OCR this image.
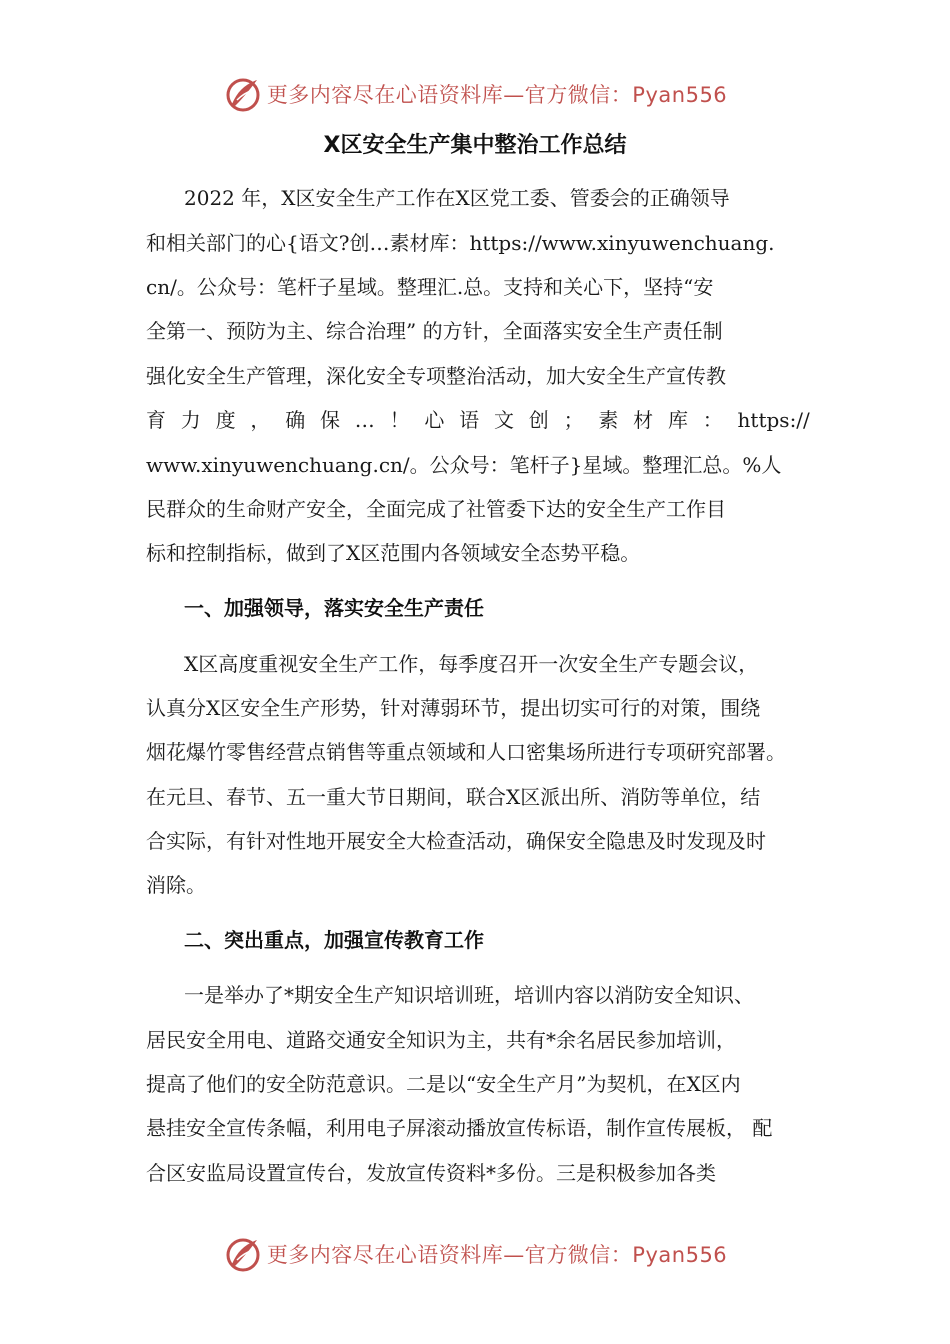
更多内容尽在心语资料库—官方微信：Pyan556
X区安全生产集中整治工作总结
2022 年，X区安全生产工作在X区党工委、管委会的正确领导
和相关部门的心{语文?创…素材库：https://www.xinyuwenchuang.
cn/。公众号：笔杆子星域。整理汇.总。支持和关心下，坚持“安
全第一、预防为主、综合治理” 的方针，全面落实安全生产责任制
强化安全生产管理，深化安全专项整治活动，加大安全生产宣传教
育 力 度 ， 确 保 … ！ 心 语 文 创 ； 素 材 库 ： https://
www.xinyuwenchuang.cn/。公众号：笔杆子}星域。整理汇总。%人
民群众的生命财产安全，全面完成了社管委下达的安全生产工作目
标和控制指标，做到了X区范围内各领域安全态势平稳。
一、加强领导，落实安全生产责任
X区高度重视安全生产工作，每季度召开一次安全生产专题会议，
认真分X区安全生产形势，针对薄弱环节，提出切实可行的对策，围绕
烟花爆竹零售经营点销售等重点领域和人口密集场所进行专项研究部署。
在元旦、春节、五一重大节日期间，联合X区派出所、消防等单位，结
合实际，有针对性地开展安全大检查活动，确保安全隐患及时发现及时
消除。
二、突出重点，加强宣传教育工作
一是举办了*期安全生产知识培训班，培训内容以消防安全知识、
居民安全用电、道路交通安全知识为主，共有*余名居民参加培训，
提高了他们的安全防范意识。二是以“安全生产月”为契机，在X区内
悬挂安全宣传条幅，利用电子屏滚动播放宣传标语，制作宣传展板， 配
合区安监局设置宣传台，发放宣传资料*多份。三是积极参加各类
更多内容尽在心语资料库—官方微信：Pyan556
